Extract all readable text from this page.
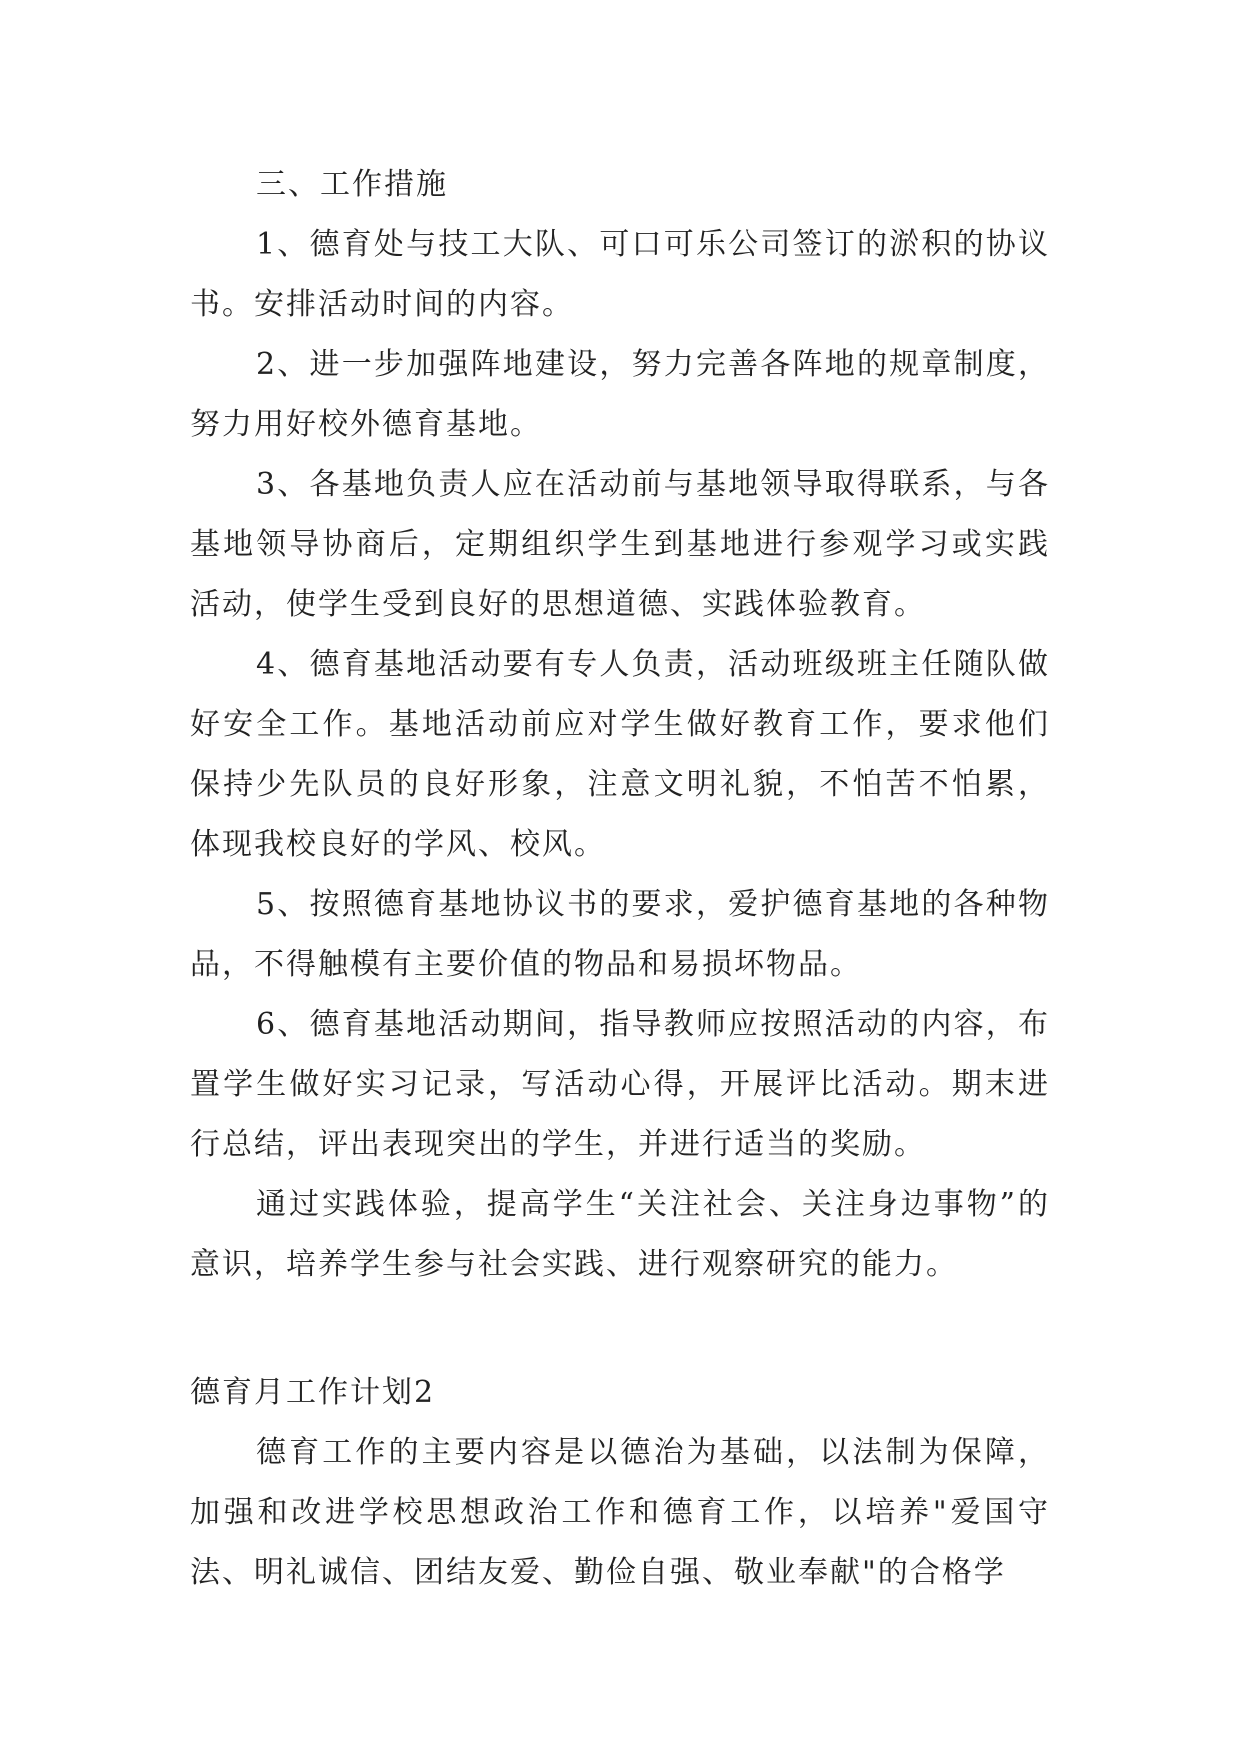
三、工作措施

1、德育处与技工大队、可口可乐公司签订的淤积的协议书。安排活动时间的内容。

2、进一步加强阵地建设，努力完善各阵地的规章制度，努力用好校外德育基地。

3、各基地负责人应在活动前与基地领导取得联系，与各基地领导协商后，定期组织学生到基地进行参观学习或实践活动，使学生受到良好的思想道德、实践体验教育。

4、德育基地活动要有专人负责，活动班级班主任随队做好安全工作。基地活动前应对学生做好教育工作，要求他们保持少先队员的良好形象，注意文明礼貌，不怕苦不怕累，体现我校良好的学风、校风。

5、按照德育基地协议书的要求，爱护德育基地的各种物品，不得触模有主要价值的物品和易损坏物品。

6、德育基地活动期间，指导教师应按照活动的内容，布置学生做好实习记录，写活动心得，开展评比活动。期末进行总结，评出表现突出的学生，并进行适当的奖励。

通过实践体验，提高学生“关注社会、关注身边事物”的意识，培养学生参与社会实践、进行观察研究的能力。

德育月工作计划2

德育工作的主要内容是以德治为基础，以法制为保障，加强和改进学校思想政治工作和德育工作，以培养"爱国守法、明礼诚信、团结友爱、勤俭自强、敬业奉献"的合格学
